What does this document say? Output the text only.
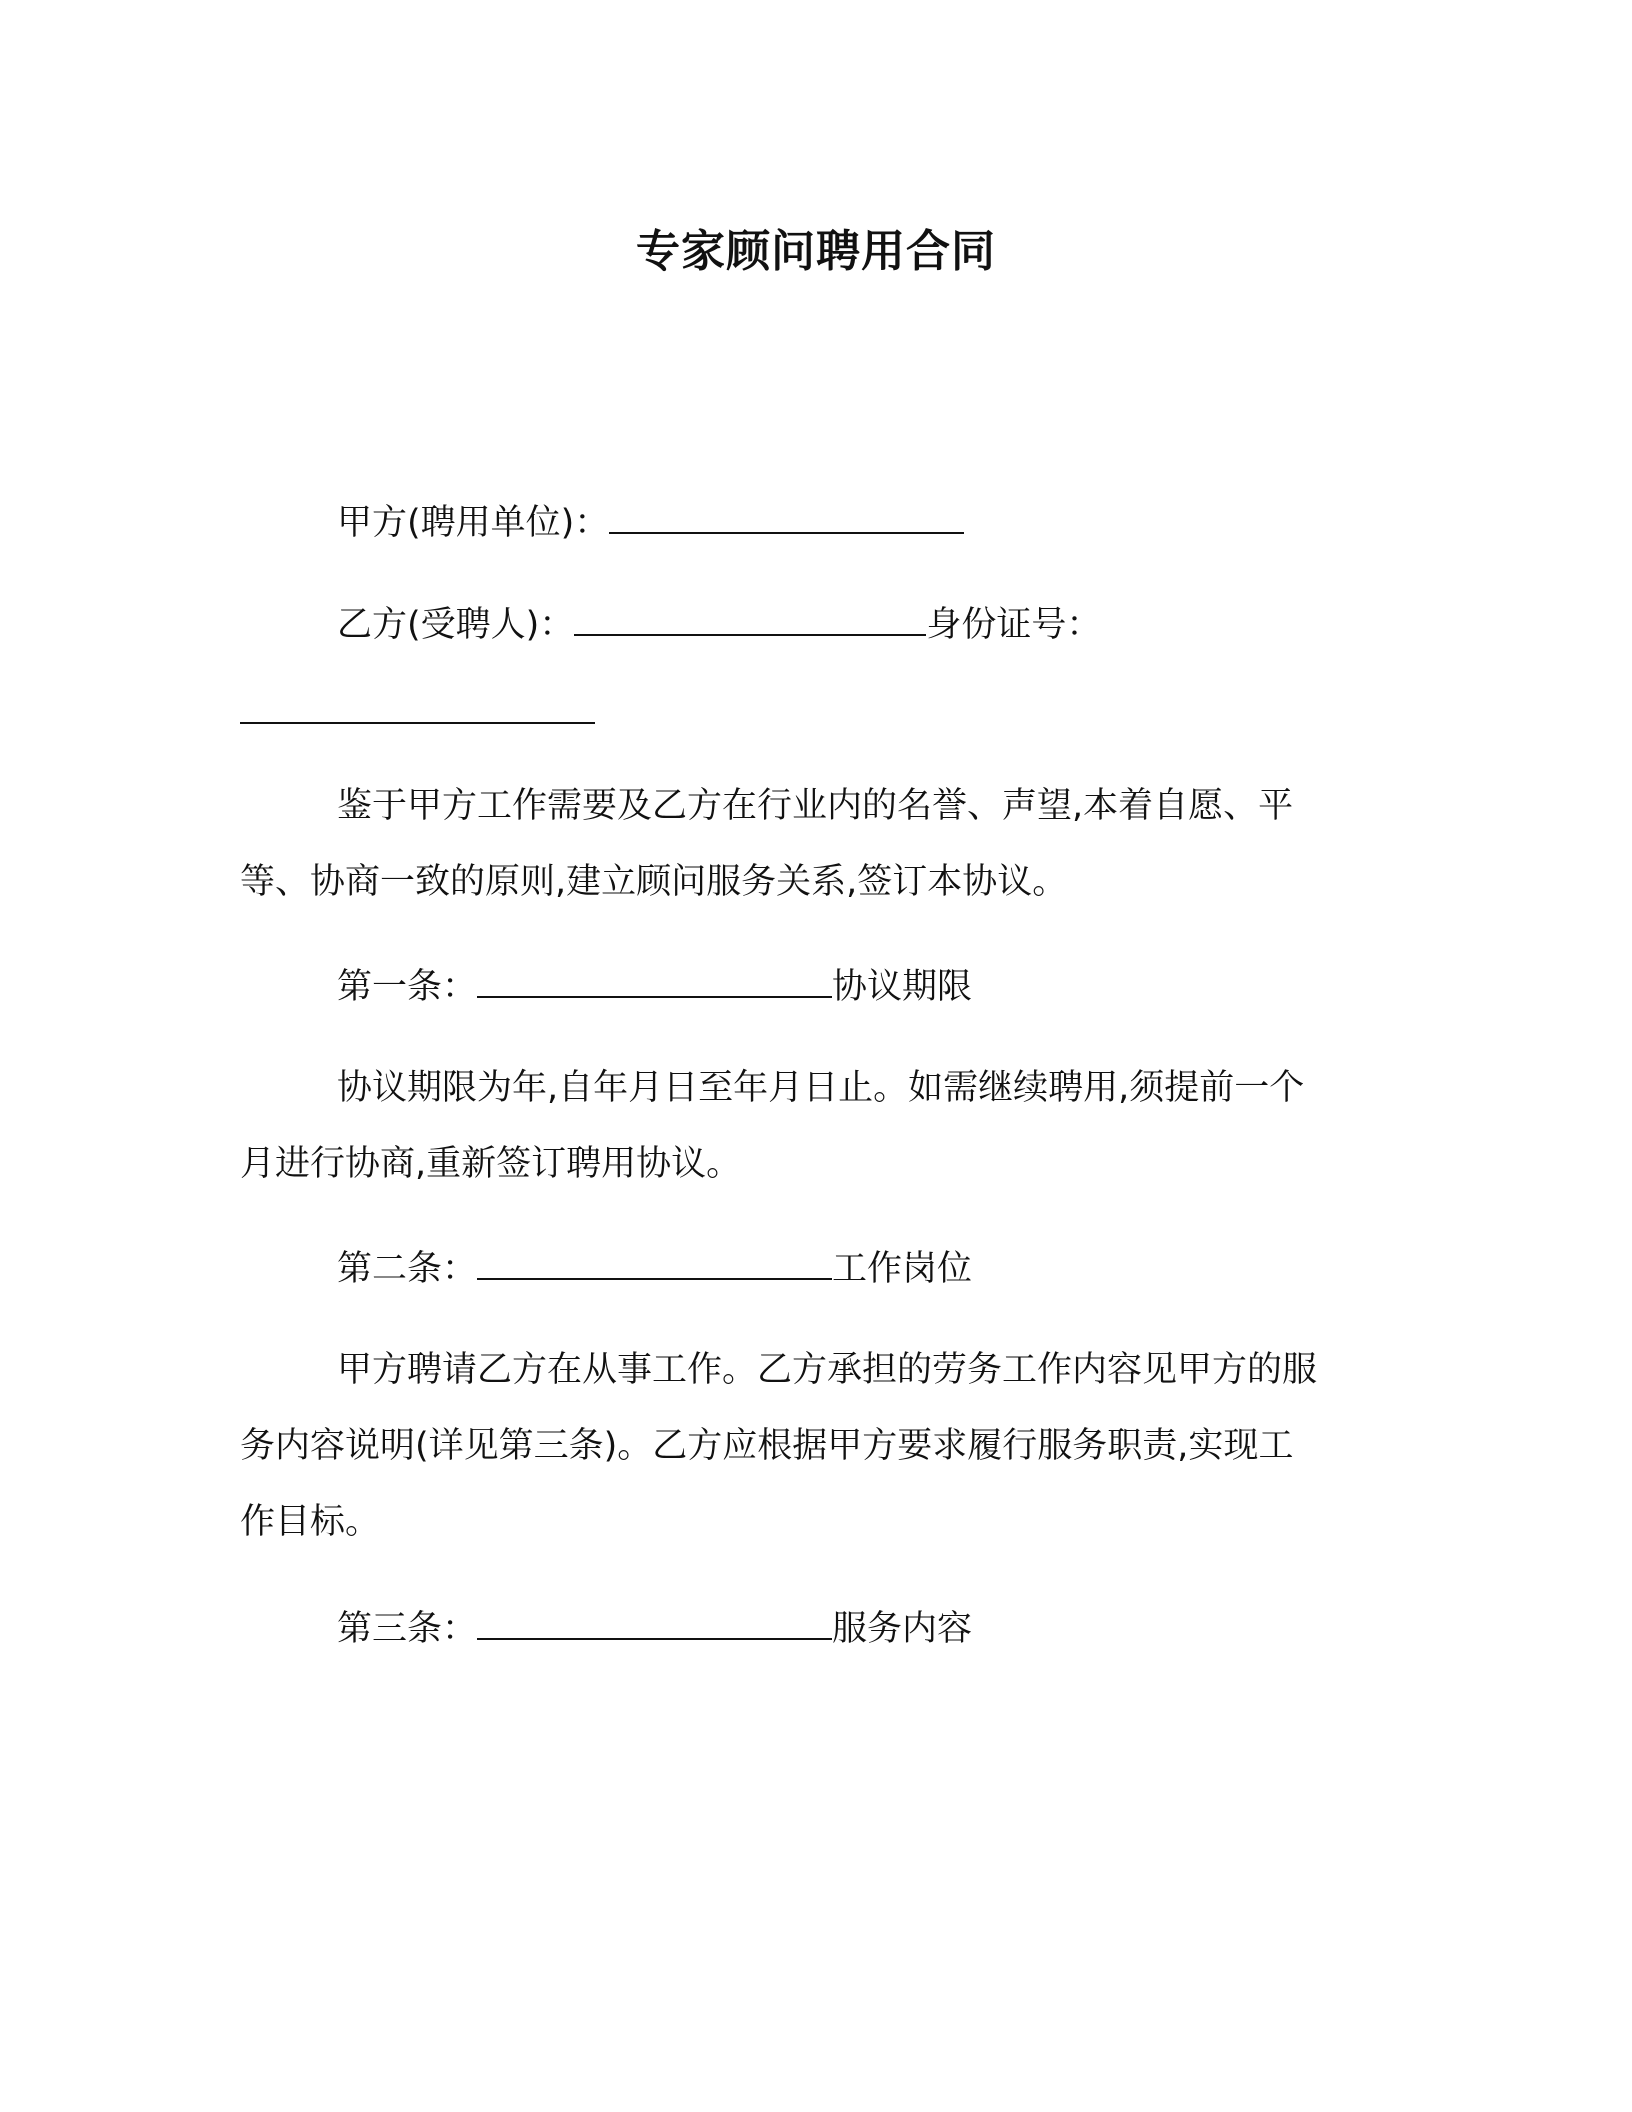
专家顾问聘用合同
甲方(聘用单位)：
乙方(受聘人)：	身份证号：
鉴于甲方工作需要及乙方在行业内的名誉、声望,本着自愿、平
等、协商一致的原则,建立顾问服务关系,签订本协议。
第一条：	协议期限
协议期限为年,自年月日至年月日止。如需继续聘用,须提前一个
月进行协商,重新签订聘用协议。
第二条：	工作岗位
甲方聘请乙方在从事工作。乙方承担的劳务工作内容见甲方的服
务内容说明(详见第三条)。乙方应根据甲方要求履行服务职责,实现工
作目标。
第三条：	服务内容
